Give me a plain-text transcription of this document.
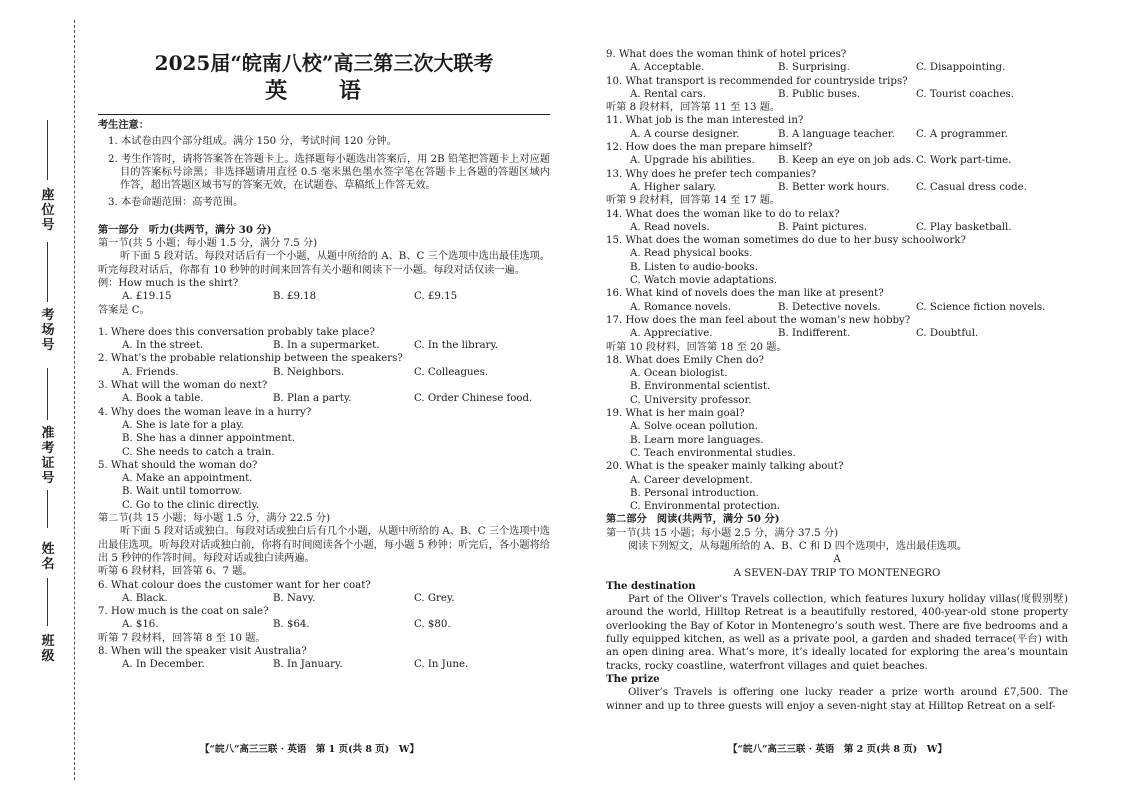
座位号
考场号
准考证号
姓名
班级
2025届“皖南八校”高三第三次大联考
英 语
考生注意：
1. 本试卷由四个部分组成。满分 150 分，考试时间 120 分钟。
2. 考生作答时，请将答案答在答题卡上。选择题每小题选出答案后，用 2B 铅笔把答题卡上对应题目的答案标号涂黑；非选择题请用直径 0.5 毫米黑色墨水签字笔在答题卡上各题的答题区域内作答，超出答题区域书写的答案无效，在试题卷、草稿纸上作答无效。
3. 本卷命题范围：高考范围。
第一部分　听力(共两节，满分 30 分)
第一节(共 5 小题；每小题 1.5 分，满分 7.5 分)
听下面 5 段对话。每段对话后有一个小题，从题中所给的 A、B、C 三个选项中选出最佳选项。听完每段对话后，你都有 10 秒钟的时间来回答有关小题和阅读下一小题。每段对话仅读一遍。
例：How much is the shirt?
A. £19.15	B. £9.18	C. £9.15
答案是 C。
1. Where does this conversation probably take place?
A. In the street.	B. In a supermarket.	C. In the library.
2. What’s the probable relationship between the speakers?
A. Friends.	B. Neighbors.	C. Colleagues.
3. What will the woman do next?
A. Book a table.	B. Plan a party.	C. Order Chinese food.
4. Why does the woman leave in a hurry?
A. She is late for a play.
B. She has a dinner appointment.
C. She needs to catch a train.
5. What should the woman do?
A. Make an appointment.
B. Wait until tomorrow.
C. Go to the clinic directly.
第二节(共 15 小题；每小题 1.5 分，满分 22.5 分)
听下面 5 段对话或独白。每段对话或独白后有几个小题，从题中所给的 A、B、C 三个选项中选出最佳选项。听每段对话或独白前，你将有时间阅读各个小题，每小题 5 秒钟；听完后，各小题将给出 5 秒钟的作答时间。每段对话或独白读两遍。
听第 6 段材料，回答第 6、7 题。
6. What colour does the customer want for her coat?
A. Black.	B. Navy.	C. Grey.
7. How much is the coat on sale?
A. $16.	B. $64.	C. $80.
听第 7 段材料，回答第 8 至 10 题。
8. When will the speaker visit Australia?
A. In December.	B. In January.	C. In June.
【“皖八”高三三联 · 英语　第 1 页(共 8 页)　W】
9. What does the woman think of hotel prices?
A. Acceptable.	B. Surprising.	C. Disappointing.
10. What transport is recommended for countryside trips?
A. Rental cars.	B. Public buses.	C. Tourist coaches.
听第 8 段材料，回答第 11 至 13 题。
11. What job is the man interested in?
A. A course designer.	B. A language teacher.	C. A programmer.
12. How does the man prepare himself?
A. Upgrade his abilities.	B. Keep an eye on job ads. C. Work part-time.
13. Why does he prefer tech companies?
A. Higher salary.	B. Better work hours.	C. Casual dress code.
听第 9 段材料，回答第 14 至 17 题。
14. What does the woman like to do to relax?
A. Read novels.	B. Paint pictures.	C. Play basketball.
15. What does the woman sometimes do due to her busy schoolwork?
A. Read physical books.
B. Listen to audio-books.
C. Watch movie adaptations.
16. What kind of novels does the man like at present?
A. Romance novels.	B. Detective novels.	C. Science fiction novels.
17. How does the man feel about the woman’s new hobby?
A. Appreciative.	B. Indifferent.	C. Doubtful.
听第 10 段材料，回答第 18 至 20 题。
18. What does Emily Chen do?
A. Ocean biologist.
B. Environmental scientist.
C. University professor.
19. What is her main goal?
A. Solve ocean pollution.
B. Learn more languages.
C. Teach environmental studies.
20. What is the speaker mainly talking about?
A. Career development.
B. Personal introduction.
C. Environmental protection.
第二部分　阅读(共两节，满分 50 分)
第一节(共 15 小题；每小题 2.5 分，满分 37.5 分)
阅读下列短文，从每题所给的 A、B、C 和 D 四个选项中，选出最佳选项。
A
A SEVEN-DAY TRIP TO MONTENEGRO
The destination
Part of the Oliver’s Travels collection, which features luxury holiday villas(度假别墅) around the world, Hilltop Retreat is a beautifully restored, 400-year-old stone property overlooking the Bay of Kotor in Montenegro’s south west. There are five bedrooms and a fully equipped kitchen, as well as a private pool, a garden and shaded terrace(平台) with an open dining area. What’s more, it’s ideally located for exploring the area’s mountain tracks, rocky coastline, waterfront villages and quiet beaches.
The prize
Oliver’s Travels is offering one lucky reader a prize worth around £7,500. The winner and up to three guests will enjoy a seven-night stay at Hilltop Retreat on a self-
【“皖八”高三三联 · 英语　第 2 页(共 8 页)　W】
